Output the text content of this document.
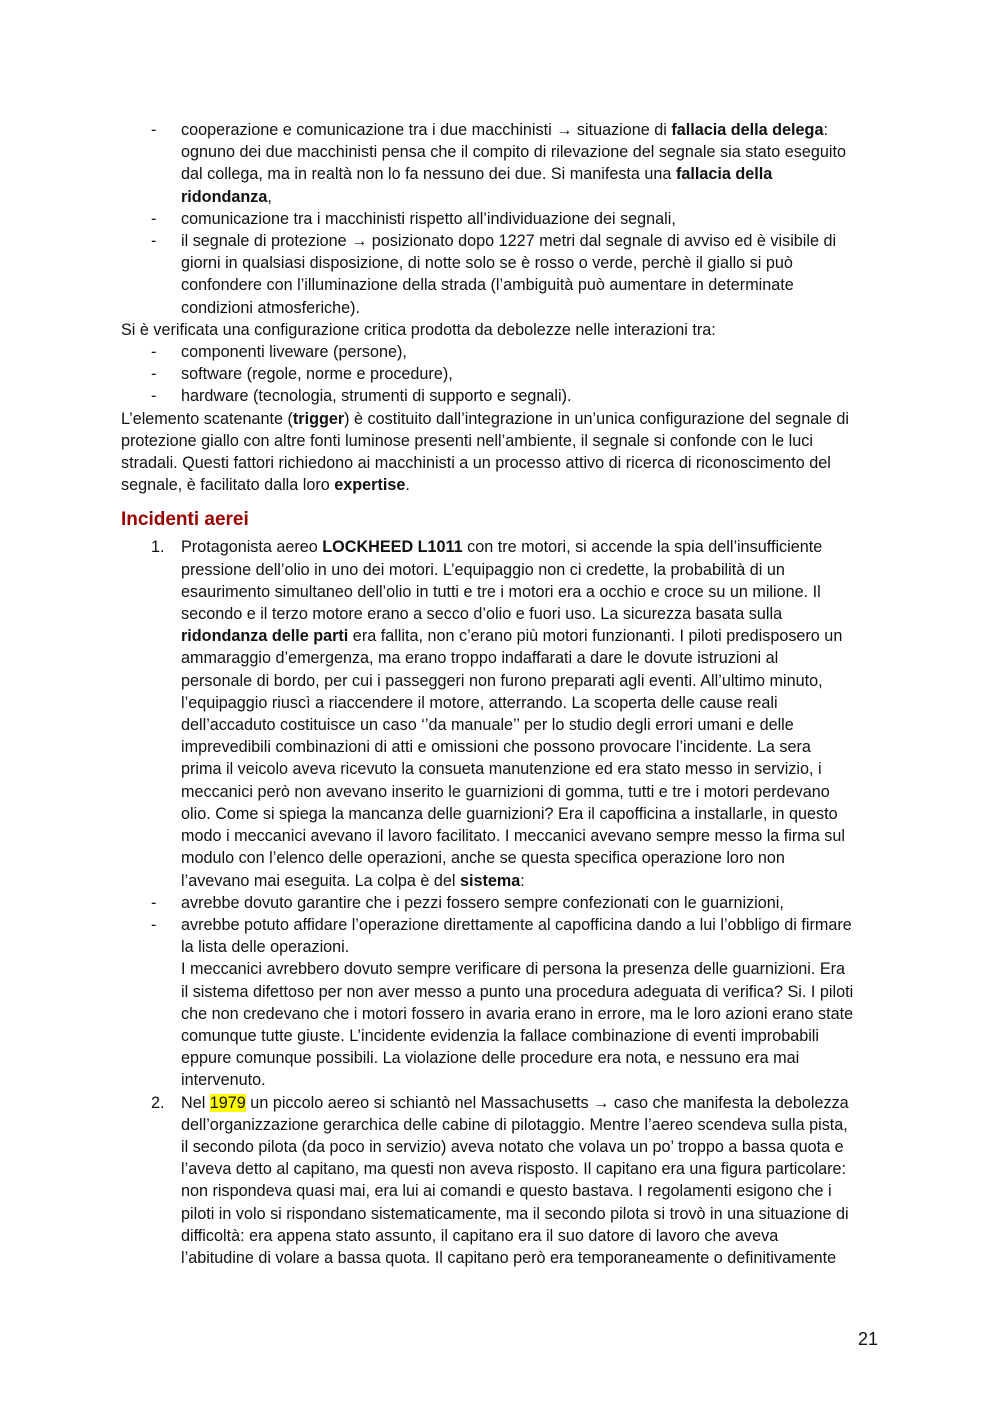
- cooperazione e comunicazione tra i due macchinisti → situazione di fallacia della delega:
ognuno dei due macchinisti pensa che il compito di rilevazione del segnale sia stato eseguito
dal collega, ma in realtà non lo fa nessuno dei due. Si manifesta una fallacia della
ridondanza,
- comunicazione tra i macchinisti rispetto all’individuazione dei segnali,
- il segnale di protezione → posizionato dopo 1227 metri dal segnale di avviso ed è visibile di
giorni in qualsiasi disposizione, di notte solo se è rosso o verde, perchè il giallo si può
confondere con l’illuminazione della strada (l’ambiguità può aumentare in determinate
condizioni atmosferiche).
Si è verificata una configurazione critica prodotta da debolezze nelle interazioni tra:
- componenti liveware (persone),
- software (regole, norme e procedure),
- hardware (tecnologia, strumenti di supporto e segnali).
L’elemento scatenante (trigger) è costituito dall’integrazione in un’unica configurazione del segnale di
protezione giallo con altre fonti luminose presenti nell’ambiente, il segnale si confonde con le luci
stradali. Questi fattori richiedono ai macchinisti a un processo attivo di ricerca di riconoscimento del
segnale, è facilitato dalla loro expertise.
Incidenti aerei
1. Protagonista aereo LOCKHEED L1011 con tre motori, si accende la spia dell’insufficiente
pressione dell’olio in uno dei motori. L’equipaggio non ci credette, la probabilità di un
esaurimento simultaneo dell’olio in tutti e tre i motori era a occhio e croce su un milione. Il
secondo e il terzo motore erano a secco d’olio e fuori uso. La sicurezza basata sulla
ridondanza delle parti era fallita, non c’erano più motori funzionanti. I piloti predisposero un
ammaraggio d’emergenza, ma erano troppo indaffarati a dare le dovute istruzioni al
personale di bordo, per cui i passeggeri non furono preparati agli eventi. All’ultimo minuto,
l’equipaggio riuscì a riaccendere il motore, atterrando. La scoperta delle cause reali
dell’accaduto costituisce un caso ‘’da manuale’’ per lo studio degli errori umani e delle
imprevedibili combinazioni di atti e omissioni che possono provocare l’incidente. La sera
prima il veicolo aveva ricevuto la consueta manutenzione ed era stato messo in servizio, i
meccanici però non avevano inserito le guarnizioni di gomma, tutti e tre i motori perdevano
olio. Come si spiega la mancanza delle guarnizioni? Era il capofficina a installarle, in questo
modo i meccanici avevano il lavoro facilitato. I meccanici avevano sempre messo la firma sul
modulo con l’elenco delle operazioni, anche se questa specifica operazione loro non
l’avevano mai eseguita. La colpa è del sistema:
- avrebbe dovuto garantire che i pezzi fossero sempre confezionati con le guarnizioni,
- avrebbe potuto affidare l’operazione direttamente al capofficina dando a lui l’obbligo di firmare
la lista delle operazioni.
I meccanici avrebbero dovuto sempre verificare di persona la presenza delle guarnizioni. Era
il sistema difettoso per non aver messo a punto una procedura adeguata di verifica? Si. I piloti
che non credevano che i motori fossero in avaria erano in errore, ma le loro azioni erano state
comunque tutte giuste. L’incidente evidenzia la fallace combinazione di eventi improbabili
eppure comunque possibili. La violazione delle procedure era nota, e nessuno era mai
intervenuto.
2. Nel 1979 un piccolo aereo si schiantò nel Massachusetts → caso che manifesta la debolezza
dell’organizzazione gerarchica delle cabine di pilotaggio. Mentre l’aereo scendeva sulla pista,
il secondo pilota (da poco in servizio) aveva notato che volava un po’ troppo a bassa quota e
l’aveva detto al capitano, ma questi non aveva risposto. Il capitano era una figura particolare:
non rispondeva quasi mai, era lui ai comandi e questo bastava. I regolamenti esigono che i
piloti in volo si rispondano sistematicamente, ma il secondo pilota si trovò in una situazione di
difficoltà: era appena stato assunto, il capitano era il suo datore di lavoro che aveva
l’abitudine di volare a bassa quota. Il capitano però era temporaneamente o definitivamente
21
